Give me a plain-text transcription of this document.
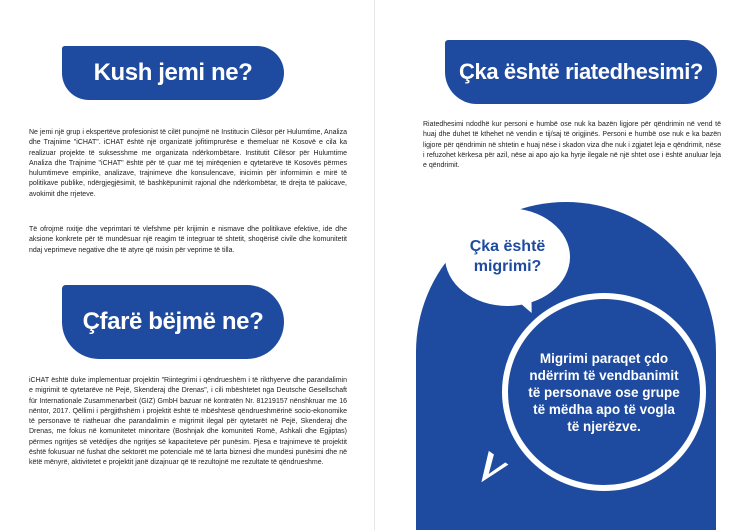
Kush jemi ne?

Ne jemi një grup i ekspertëve profesionist të cilët punojmë në Institucin Cilësor për Hulumtime, Analiza dhe Trajnime "iCHAT". iCHAT është një organizatë jofitimprurëse e themeluar në Kosovë e cila ka realizuar projekte të suksesshme me organizata ndërkombëtare. Institutit Cilësor për Hulumtime Analiza dhe Trajnime "iCHAT" është për të çuar më tej mirëqenien e qytetarëve të Kosovës përmes hulumtimeve empirike, analizave, trajnimeve dhe konsulencave, inicimin për informimin e mirë të politikave publike, ndërgjegjësimit, të bashkëpunimit rajonal dhe ndërkombëtar, të drejta të pakicave, avokimit dhe rrjeteve.

Të ofrojmë nxitje dhe veprimtari të vlefshme për krijimin e nismave dhe politikave efektive, ide dhe aksione konkrete për të mundësuar një reagim të integruar të shtetit, shoqërisë civile dhe komunitetit ndaj veprimeve negative dhe të atyre që nxisin për veprime të tilla.

Çfarë bëjmë ne?

iCHAT është duke implementuar projektin "Riintegrimi i qëndrueshëm i të rikthyerve dhe parandalimin e migrimit të qytetarëve në Pejë, Skenderaj dhe Drenas", i cili mbështetet nga Deutsche Gesellschaft für Internationale Zusammenarbeit (GIZ) GmbH bazuar në kontratën Nr. 81219157 nënshkruar me 16 nëntor, 2017. Qëllimi i përgjithshëm i projektit është të mbështesë qëndrueshmërinë socio-ekonomike të personave të riatheuar dhe parandalimin e migrimit ilegal për qytetarët në Pejë, Skenderaj dhe Drenas, me fokus në komunitetet minoritare (Boshnjak dhe komuniteti Romë, Ashkali dhe Egjiptas) përmes ngritjes së vetëdijes dhe ngritjes së kapaciteteve për punësim. Pjesa e trajnimeve të projektit është fokusuar në fushat dhe sektorët me potenciale më të larta biznesi dhe mundësi punësimi dhe në këtë mënyrë, aktivitetet e projektit janë dizajnuar që të rezultojnë me rezultate të qëndrueshme.

Çka është riatedhesimi?

Riatedhesimi ndodhë kur personi e humbë ose nuk ka bazën ligjore për qëndrimin në vend të huaj dhe duhet të kthehet në vendin e tij/saj të origjinës. Personi e humbë ose nuk e ka bazën ligjore për qëndrimin në shtetin e huaj nëse i skadon viza dhe nuk i zgjatet leja e qëndrimit, nëse i refuzohet kërkesa për azil, nëse ai apo ajo ka hyrje ilegale në një shtet ose i është anuluar leja e qëndrimit.

Çka është
migrimi?
Migrimi paraqet çdo ndërrim të vendbanimit të personave ose grupe të mëdha apo të vogla të njerëzve.
